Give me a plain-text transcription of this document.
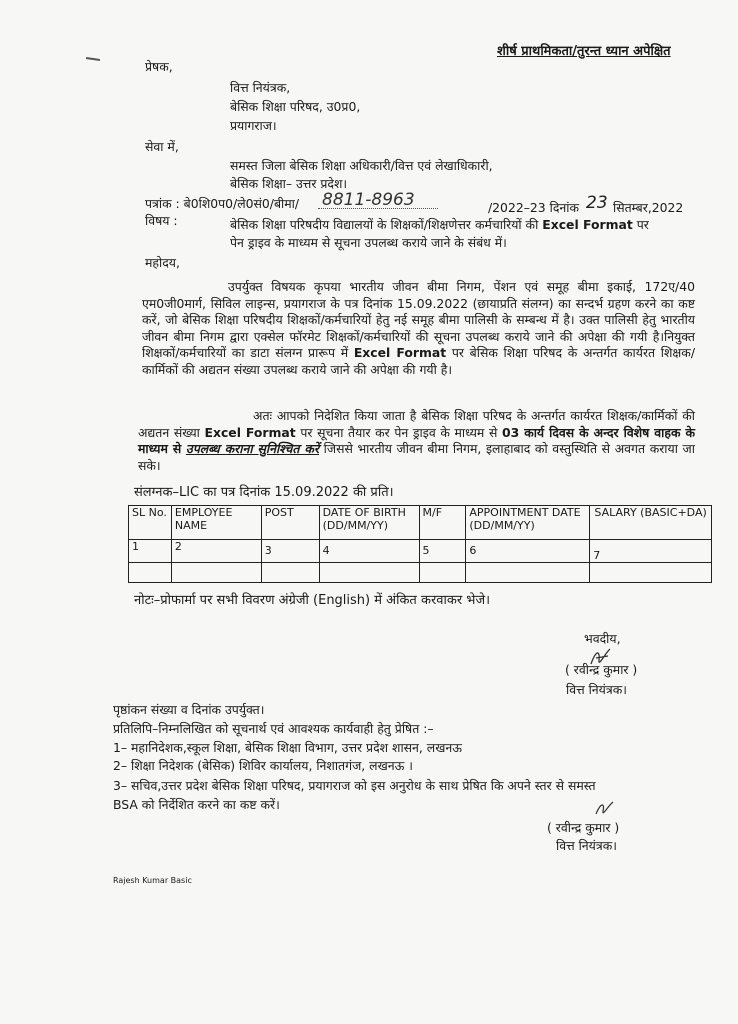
शीर्ष प्राथमिकता/तुरन्त ध्यान अपेक्षित
प्रेषक,
वित्त नियंत्रक,
बेसिक शिक्षा परिषद, उ0प्र0,
प्रयागराज।
सेवा में,
समस्त जिला बेसिक शिक्षा अधिकारी/वित्त एवं लेखाधिकारी,
बेसिक शिक्षा– उत्तर प्रदेश।
पत्रांक : बे0शि0प0/ले0सं0/बीमा/ 8811-8963	/2022–23 दिनांक 23 सितम्बर,2022
विषय :	बेसिक शिक्षा परिषदीय विद्यालयों के शिक्षकों/शिक्षणेत्तर कर्मचारियों की Excel Format पर
पेन ड्राइव के माध्यम से सूचना उपलब्ध कराये जाने के संबंध में।
महोदय,
उपर्युक्त विषयक कृपया भारतीय जीवन बीमा निगम, पेंशन एवं समूह बीमा इकाई, 172ए/40 एम0जी0मार्ग, सिविल लाइन्स, प्रयागराज के पत्र दिनांक 15.09.2022 (छायाप्रति संलग्न) का सन्दर्भ ग्रहण करने का कष्ट करें, जो बेसिक शिक्षा परिषदीय शिक्षकों/कर्मचारियों हेतु नई समूह बीमा पालिसी के सम्बन्ध में है। उक्त पालिसी हेतु भारतीय जीवन बीमा निगम द्वारा एक्सेल फॉरमेट शिक्षकों/कर्मचारियों की सूचना उपलब्ध कराये जाने की अपेक्षा की गयी है।नियुक्त शिक्षकों/कर्मचारियों का डाटा संलग्न प्रारूप में Excel Format पर बेसिक शिक्षा परिषद के अन्तर्गत कार्यरत शिक्षक/कार्मिकों की अद्यतन संख्या उपलब्ध कराये जाने की अपेक्षा की गयी है।
अतः आपको निदेशित किया जाता है बेसिक शिक्षा परिषद के अन्तर्गत कार्यरत शिक्षक/कार्मिकों की अद्यतन संख्या Excel Format पर सूचना तैयार कर पेन ड्राइव के माध्यम से 03 कार्य दिवस के अन्दर विशेष वाहक के माध्यम से उपलब्ध कराना सुनिश्चित करें जिससे भारतीय जीवन बीमा निगम, इलाहाबाद को वस्तुस्थिति से अवगत कराया जा सके।
संलग्नक–LIC का पत्र दिनांक 15.09.2022 की प्रति।
SL No.	EMPLOYEE NAME	POST	DATE OF BIRTH (DD/MM/YY)	M/F	APPOINTMENT DATE (DD/MM/YY)	SALARY (BASIC+DA)
1	2	3	4	5	6	7

नोटः–प्रोफार्मा पर सभी विवरण अंग्रेजी (English) में अंकित करवाकर भेजे।
भवदीय,
( रवीन्द्र कुमार )
वित्त नियंत्रक।
पृष्ठांकन संख्या व दिनांक उपर्युक्त।
प्रतिलिपि–निम्नलिखित को सूचनार्थ एवं आवश्यक कार्यवाही हेतु प्रेषित :–
1– महानिदेशक,स्कूल शिक्षा, बेसिक शिक्षा विभाग, उत्तर प्रदेश शासन, लखनऊ
2– शिक्षा निदेशक (बेसिक) शिविर कार्यालय, निशातगंज, लखनऊ ।
3– सचिव,उत्तर प्रदेश बेसिक शिक्षा परिषद, प्रयागराज को इस अनुरोध के साथ प्रेषित कि अपने स्तर से समस्त
BSA को निर्देशित करने का कष्ट करें।
( रवीन्द्र कुमार )
वित्त नियंत्रक।
Rajesh Kumar Basic
